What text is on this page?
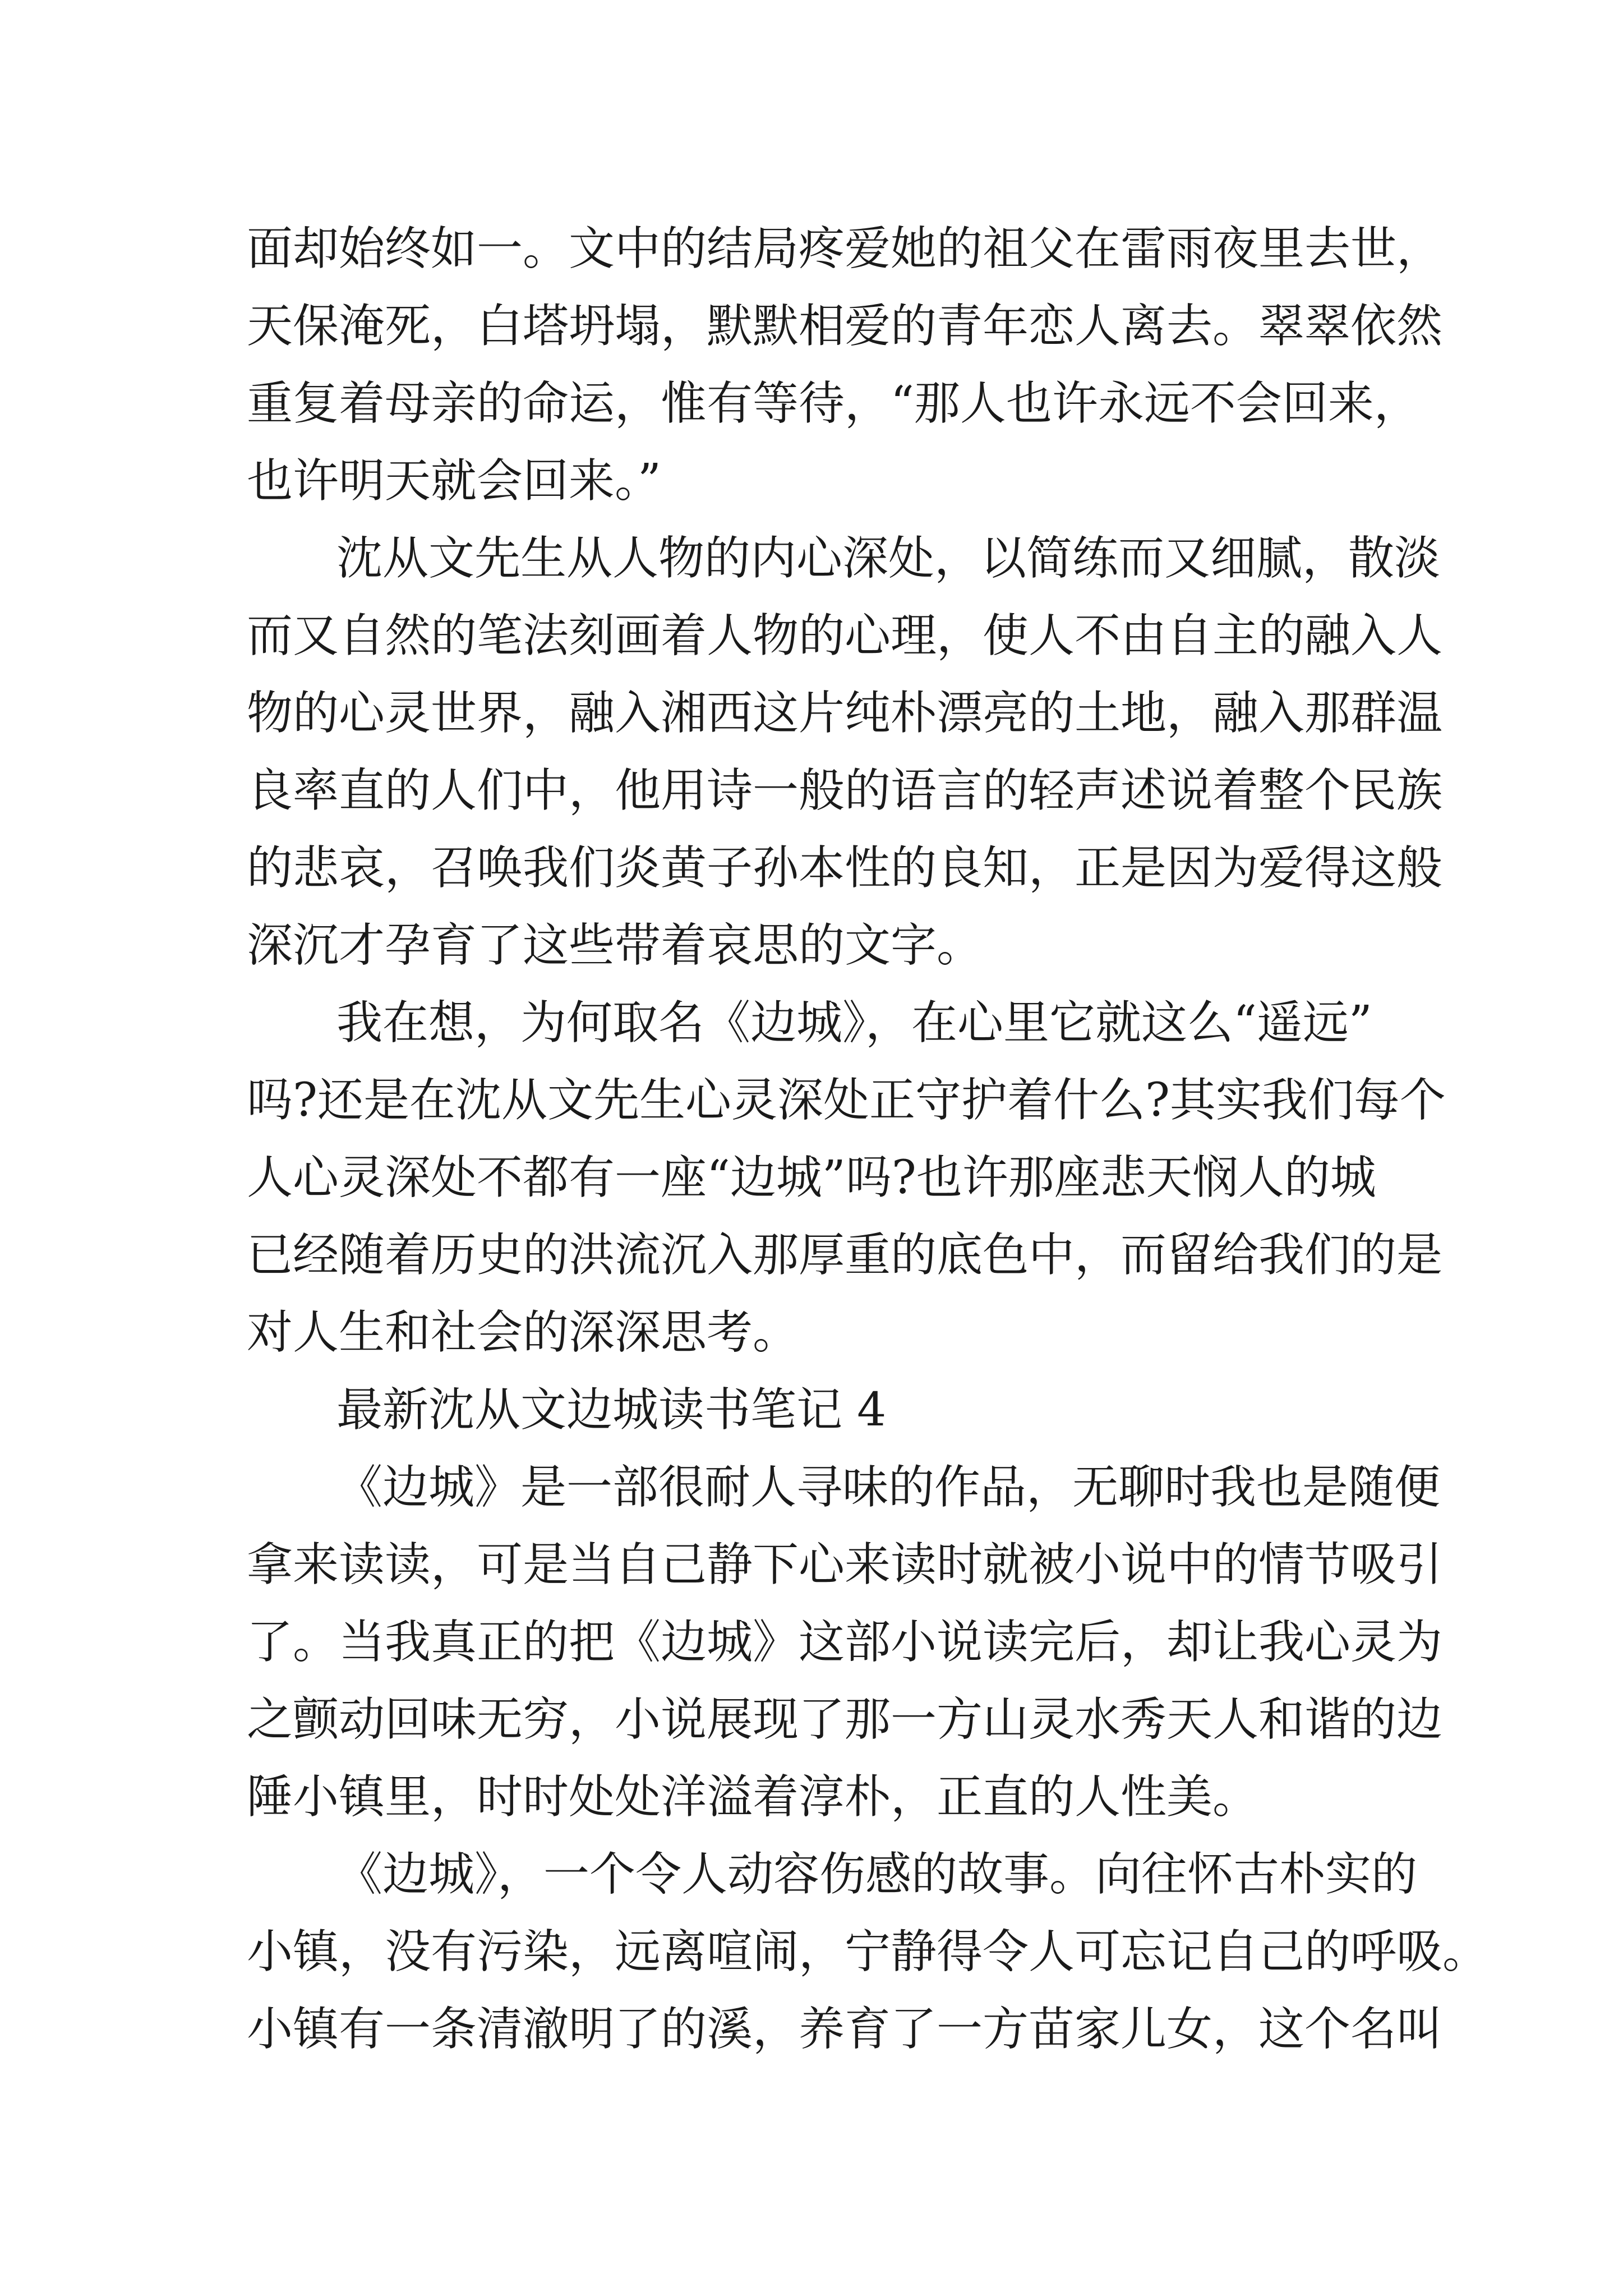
面却始终如一。文中的结局疼爱她的祖父在雷雨夜里去世，

天保淹死，白塔坍塌，默默相爱的青年恋人离去。翠翠依然

重复着母亲的命运，惟有等待，“那人也许永远不会回来，

也许明天就会回来。”

沈从文先生从人物的内心深处，以简练而又细腻，散淡

而又自然的笔法刻画着人物的心理，使人不由自主的融入人

物的心灵世界，融入湘西这片纯朴漂亮的土地，融入那群温

良率直的人们中，他用诗一般的语言的轻声述说着整个民族

的悲哀，召唤我们炎黄子孙本性的良知，正是因为爱得这般

深沉才孕育了这些带着哀思的文字。

我在想，为何取名《边城》，在心里它就这么“遥远”

吗?还是在沈从文先生心灵深处正守护着什么?其实我们每个

人心灵深处不都有一座“边城”吗?也许那座悲天悯人的城

已经随着历史的洪流沉入那厚重的底色中，而留给我们的是

对人生和社会的深深思考。

最新沈从文边城读书笔记 4

《边城》是一部很耐人寻味的作品，无聊时我也是随便

拿来读读，可是当自己静下心来读时就被小说中的情节吸引

了。当我真正的把《边城》这部小说读完后，却让我心灵为

之颤动回味无穷，小说展现了那一方山灵水秀天人和谐的边

陲小镇里，时时处处洋溢着淳朴，正直的人性美。

《边城》，一个令人动容伤感的故事。向往怀古朴实的

小镇，没有污染，远离喧闹，宁静得令人可忘记自己的呼吸。

小镇有一条清澈明了的溪，养育了一方苗家儿女，这个名叫
